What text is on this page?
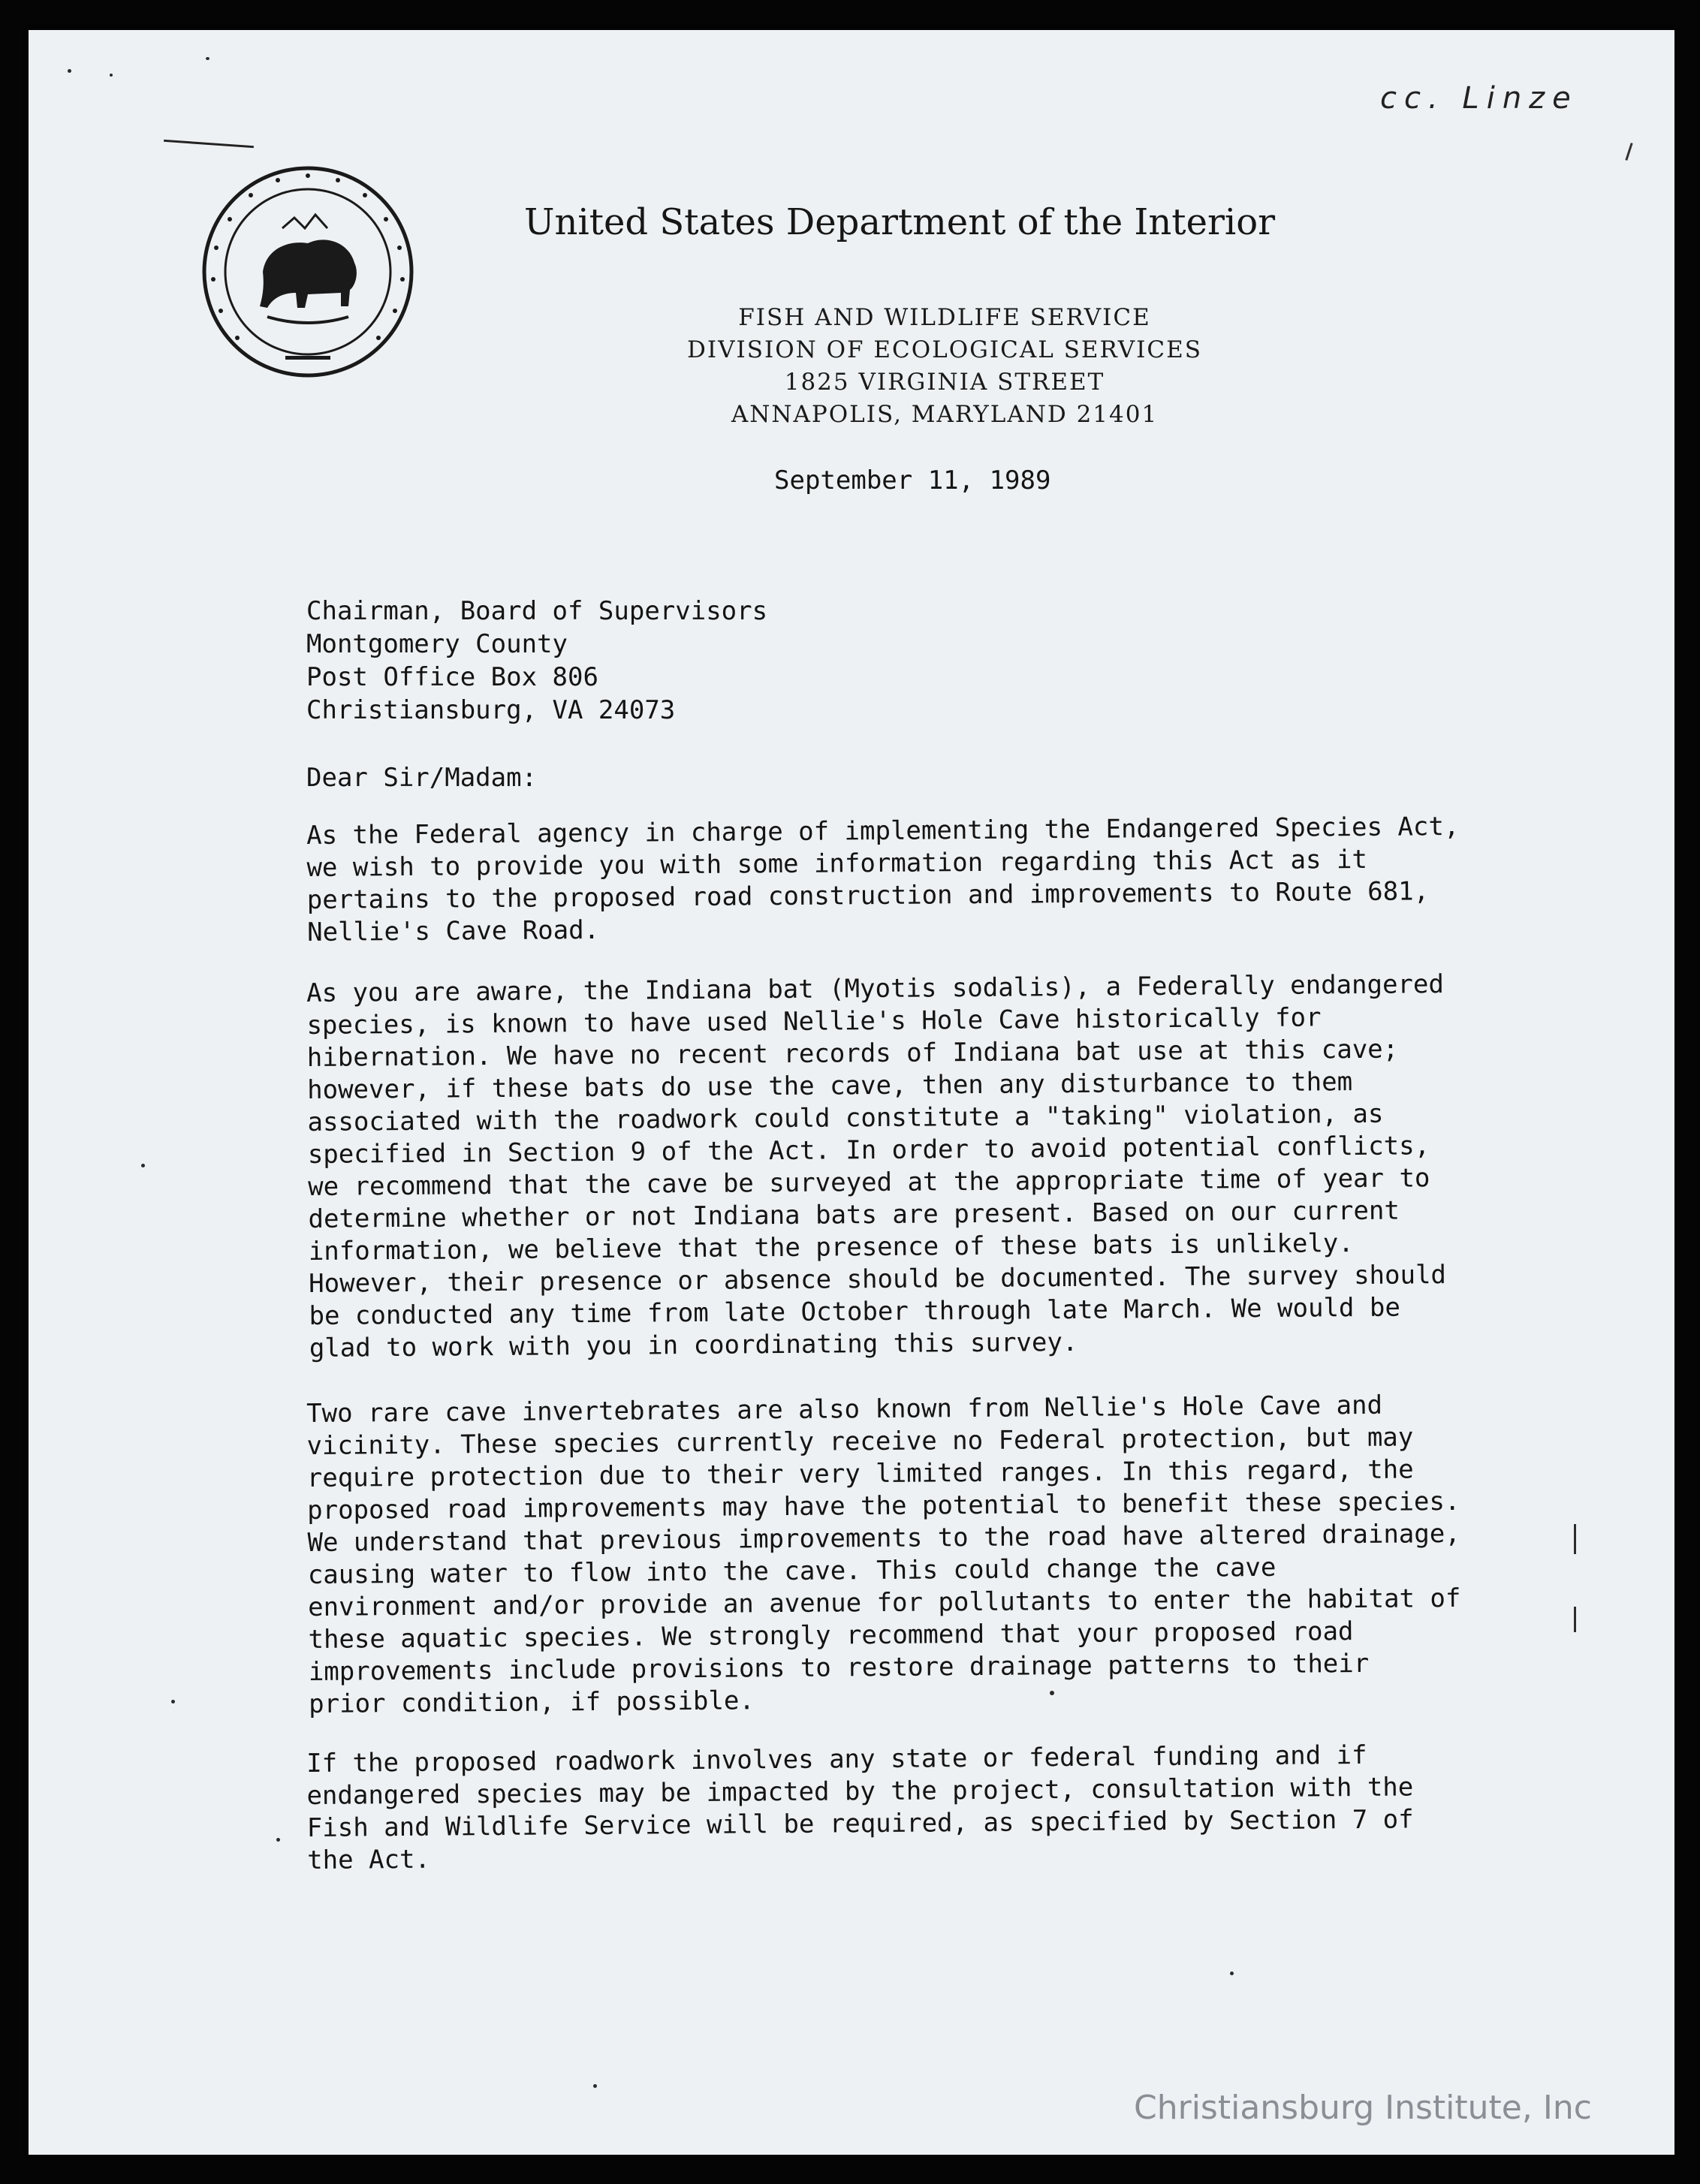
cc. Linze
United States Department of the Interior
FISH AND WILDLIFE SERVICE
DIVISION OF ECOLOGICAL SERVICES
1825 VIRGINIA STREET
ANNAPOLIS, MARYLAND 21401
September 11, 1989
Chairman, Board of Supervisors
Montgomery County
Post Office Box 806
Christiansburg, VA 24073
Dear Sir/Madam:
As the Federal agency in charge of implementing the Endangered Species Act,
we wish to provide you with some information regarding this Act as it
pertains to the proposed road construction and improvements to Route 681,
Nellie's Cave Road.
As you are aware, the Indiana bat (Myotis sodalis), a Federally endangered
species, is known to have used Nellie's Hole Cave historically for
hibernation. We have no recent records of Indiana bat use at this cave;
however, if these bats do use the cave, then any disturbance to them
associated with the roadwork could constitute a "taking" violation, as
specified in Section 9 of the Act. In order to avoid potential conflicts,
we recommend that the cave be surveyed at the appropriate time of year to
determine whether or not Indiana bats are present. Based on our current
information, we believe that the presence of these bats is unlikely.
However, their presence or absence should be documented. The survey should
be conducted any time from late October through late March. We would be
glad to work with you in coordinating this survey.
Two rare cave invertebrates are also known from Nellie's Hole Cave and
vicinity. These species currently receive no Federal protection, but may
require protection due to their very limited ranges. In this regard, the
proposed road improvements may have the potential to benefit these species.
We understand that previous improvements to the road have altered drainage,
causing water to flow into the cave. This could change the cave
environment and/or provide an avenue for pollutants to enter the habitat of
these aquatic species. We strongly recommend that your proposed road
improvements include provisions to restore drainage patterns to their
prior condition, if possible.
If the proposed roadwork involves any state or federal funding and if
endangered species may be impacted by the project, consultation with the
Fish and Wildlife Service will be required, as specified by Section 7 of
the Act.
Christiansburg Institute, Inc
